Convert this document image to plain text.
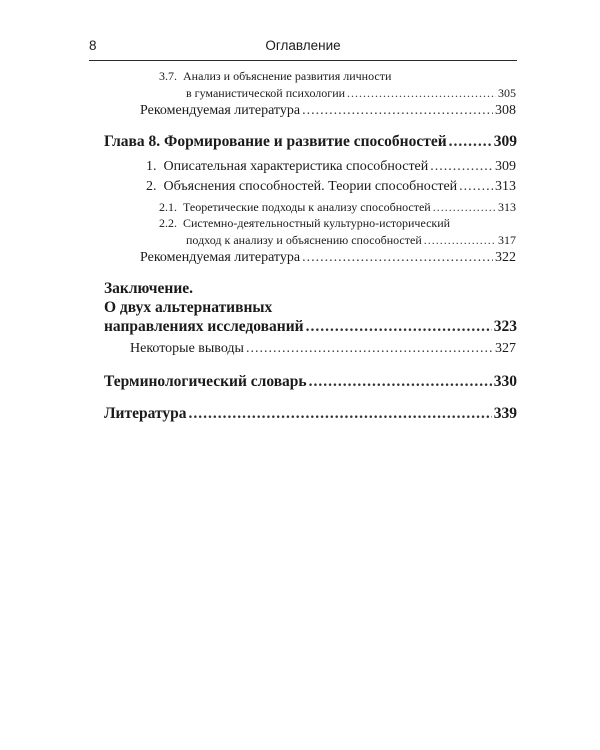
8	Оглавление
3.7. Анализ и объяснение развития личности
в гуманистической психологии .....	305
Рекомендуемая литература .....	308
Глава 8. Формирование и развитие способностей .....	309
1.
Описательная характеристика способностей .....	309
2.
Объяснения способностей. Теории способностей .....	313
2.1.
Теоретические подходы к анализу способностей .....	313
2.2. Системно-деятельностный культурно-исторический
подход к анализу и объяснению способностей .....	317
Рекомендуемая литература .....	322
Заключение.
О двух альтернативных
направлениях исследований .....	323
Некоторые выводы .....	327
Терминологический словарь .....	330
Литература .....	339
